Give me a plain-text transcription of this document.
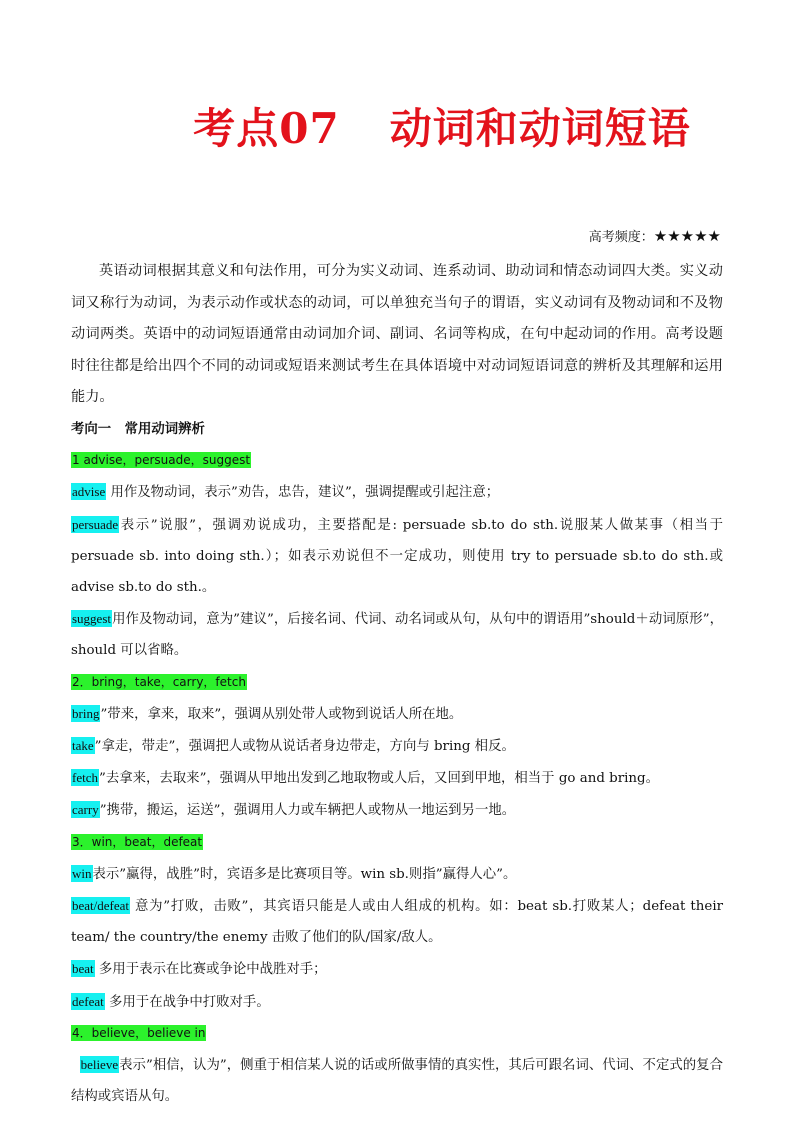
考点07 动词和动词短语
高考频度：★★★★★

英语动词根据其意义和句法作用，可分为实义动词、连系动词、助动词和情态动词四大类。实义动词又称行为动词，为表示动作或状态的动词，可以单独充当句子的谓语，实义动词有及物动词和不及物动词两类。英语中的动词短语通常由动词加介词、副词、名词等构成，在句中起动词的作用。高考设题时往往都是给出四个不同的动词或短语来测试考生在具体语境中对动词短语词意的辨析及其理解和运用能力。

考向一　常用动词辨析

1 advise，persuade，suggest

advise 用作及物动词，表示”劝告，忠告，建议”，强调提醒或引起注意；

persuade表示”说服”，强调劝说成功，主要搭配是: persuade sb.to do sth.说服某人做某事（相当于 persuade sb. into doing sth.）；如表示劝说但不一定成功，则使用 try to persuade sb.to do sth.或 advise sb.to do sth.。

suggest用作及物动词，意为”建议”，后接名词、代词、动名词或从句，从句中的谓语用”should＋动词原形”，should 可以省略。

2．bring，take，carry，fetch

bring”带来，拿来，取来”，强调从别处带人或物到说话人所在地。

take”拿走，带走”，强调把人或物从说话者身边带走，方向与 bring 相反。

fetch”去拿来，去取来”，强调从甲地出发到乙地取物或人后，又回到甲地，相当于 go and bring。

carry”携带，搬运，运送”，强调用人力或车辆把人或物从一地运到另一地。

3．win，beat，defeat

win表示”赢得，战胜”时，宾语多是比赛项目等。win sb.则指”赢得人心”。

beat/defeat 意为”打败，击败”，其宾语只能是人或由人组成的机构。如：beat sb.打败某人；defeat their team/ the country/the enemy 击败了他们的队/国家/敌人。

beat 多用于表示在比赛或争论中战胜对手；

defeat 多用于在战争中打败对手。

4．believe，believe in

believe表示”相信，认为”，侧重于相信某人说的话或所做事情的真实性，其后可跟名词、代词、不定式的复合结构或宾语从句。
